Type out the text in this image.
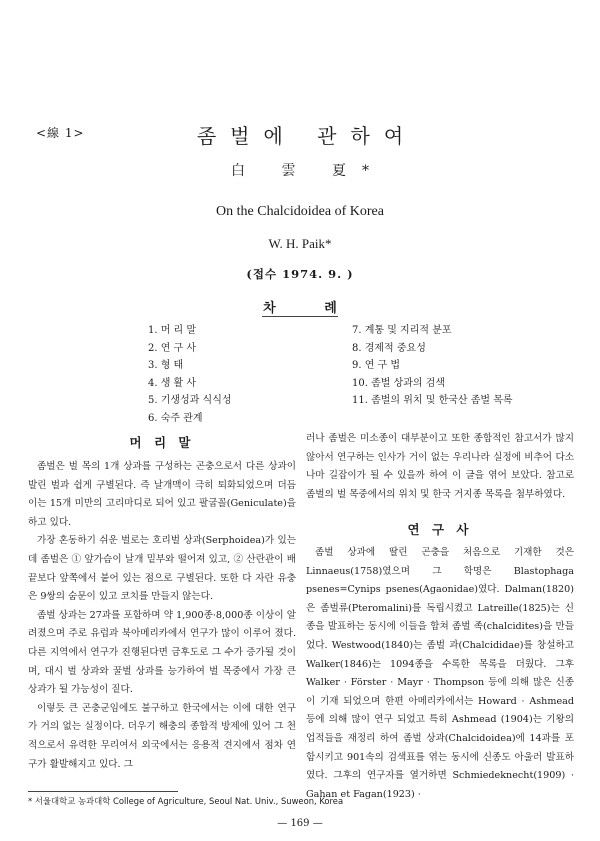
<線 1>	좀벌에 관하여
白 雲 夏*
On the Chalcidoidea of Korea
W. H. Paik*
(접수 1974. 9. )
차 례
1. 머 리 말
2. 연 구 사
3. 형 태
4. 생 활 사
5. 기생성과 식식성
6. 숙주 관계
7. 계통 및 지리적 분포
8. 경제적 중요성
9. 연 구 법
10. 좀벌 상과의 검색
11. 좀벌의 위치 및 한국산 좀벌 목록
머 리 말

좀벌은 벌 목의 1개 상과를 구성하는 곤충으로서 다른 상과이 발린 벌과 쉽게 구별된다. 즉 날개맥이 극히 퇴화되었으며 더듬이는 15개 미만의 고리마디로 되어 있고 팔굽꼴(Geniculate)을 하고 있다.

가장 혼동하기 쉬운 벌로는 호리벌 상과(Serphoidea)가 있는데 좀벌은 ① 앞가슴이 날개 밑부와 떨어져 있고, ② 산란관이 배끝보다 앞쪽에서 붙어 있는 점으로 구별된다. 또한 다 자란 유충은 9쌍의 숨문이 있고 코치를 만들지 않는다.

좀벌 상과는 27과를 포함하며 약 1,900종·8,000종 이상이 알려졌으며 주로 유럽과 북아메리카에서 연구가 많이 이루어 졌다. 다른 지역에서 연구가 진행된다면 금후도로 그 수가 증가될 것이며, 대시 벌 상과와 꿀벌 상과를 능가하여 벌 목중에서 가장 큰 상과가 될 가능성이 짙다.

이렇듯 큰 곤충군임에도 불구하고 한국에서는 이에 대한 연구가 거의 없는 실정이다. 더우기 해충의 종합적 방제에 있어 그 천적으로서 유력한 무리여서 외국에서는 응용적 견지에서 점차 연구가 활발해지고 있다. 그

러나 좀벌은 미소종이 대부분이고 또한 종합적인 참고서가 많지 않아서 연구하는 인사가 거이 없는 우리나라 실정에 비추어 다소나마 길잡이가 될 수 있을까 하여 이 글을 엮어 보았다. 참고로 좀벌의 벌 목중에서의 위치 및 한국 거지종 목록을 첨부하였다.

연 구 사

좀벌 상과에 딸린 곤충을 처음으로 기재한 것은 Linnaeus(1758)였으며 그 학명은 Blastophaga psenes=Cynips psenes(Agaonidae)였다. Dalman(1820)은 좀벌류(Pteromalini)를 독립시켰고 Latreille(1825)는 신종을 발표하는 동시에 이들을 합쳐 좀벌 족(chalcidites)을 만들었다. Westwood(1840)는 좀벌 과(Chalcididae)를 창설하고 Walker(1846)는 1094종을 수록한 목록을 더웠다. 그후 Walker · Förster · Mayr · Thompson 등에 의해 많은 신종이 기재 되었으며 한편 아메리카에서는 Howard · Ashmead 등에 의해 많이 연구 되었고 특히 Ashmead (1904)는 기왕의 업적들을 재정리 하여 좀벌 상과(Chalcidoidea)에 14과를 포함시키고 901속의 검색표를 엮는 동시에 신종도 아울러 발표하였다. 그후의 연구자를 열거하면 Schmiedeknecht(1909) · Gahan et Fagan(1923) ·

* 서울대학교 농과대학 College of Agriculture, Seoul Nat. Univ., Suweon, Korea
— 169 —
